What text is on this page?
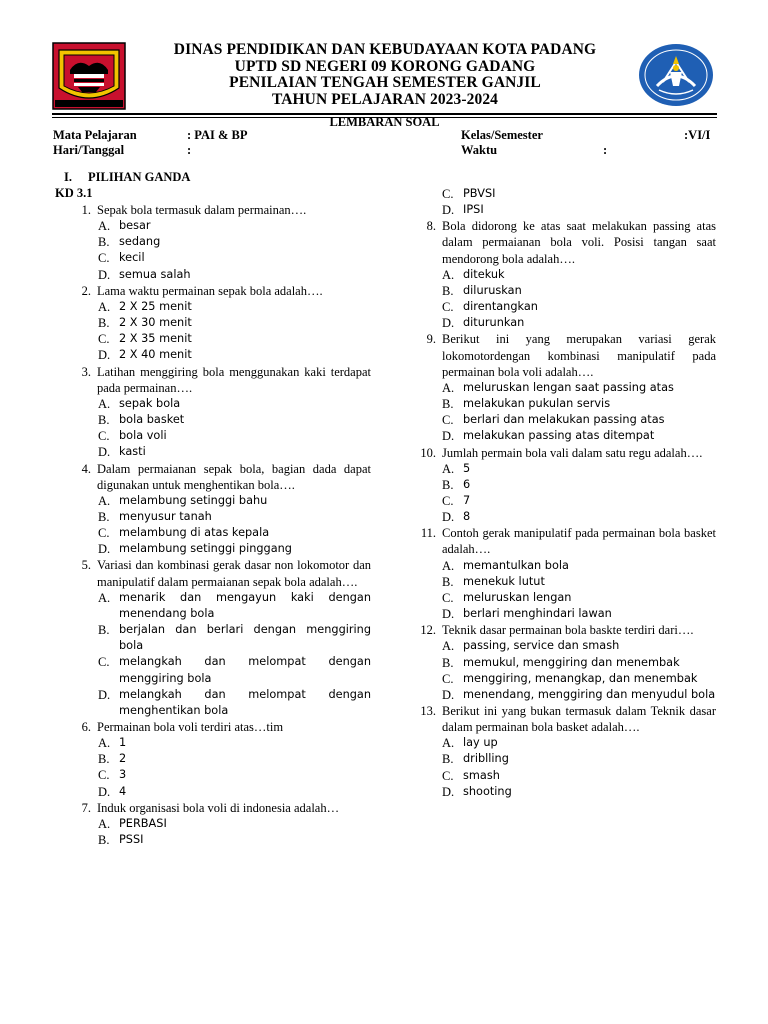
DINAS PENDIDIKAN DAN KEBUDAYAAN KOTA PADANG
UPTD SD NEGERI 09 KORONG GADANG
PENILAIAN TENGAH SEMESTER GANJIL
TAHUN PELAJARAN 2023-2024
LEMBARAN SOAL
Mata Pelajaran	: PAI & BP
Hari/Tanggal	:
Kelas/Semester	:VI/I
Waktu	:
I. PILIHAN GANDA
KD 3.1
1. Sepak bola termasuk dalam permainan….
A. besar
B. sedang
C. kecil
D. semua salah
2. Lama waktu permainan sepak bola adalah….
A. 2 X 25 menit
B. 2 X 30 menit
C. 2 X 35 menit
D. 2 X 40 menit
3. Latihan menggiring bola menggunakan kaki terdapat pada permainan….
A. sepak bola
B. bola basket
C. bola voli
D. kasti
4. Dalam permaianan sepak bola, bagian dada dapat digunakan untuk menghentikan bola….
A. melambung setinggi bahu
B. menyusur tanah
C. melambung di atas kepala
D. melambung setinggi pinggang
5. Variasi dan kombinasi gerak dasar non lokomotor dan manipulatif dalam permaianan sepak bola adalah….
A. menarik dan mengayun kaki dengan menendang bola
B. berjalan dan berlari dengan menggiring bola
C. melangkah dan melompat dengan menggiring bola
D. melangkah dan melompat dengan menghentikan bola
6. Permainan bola voli terdiri atas…tim
A. 1
B. 2
C. 3
D. 4
7. Induk organisasi bola voli di indonesia adalah…
A. PERBASI
B. PSSI
C. PBVSI
D. IPSI
8. Bola didorong ke atas saat melakukan passing atas dalam permaianan bola voli. Posisi tangan saat mendorong bola adalah….
A. ditekuk
B. diluruskan
C. direntangkan
D. diturunkan
9. Berikut ini yang merupakan variasi gerak lokomotordengan kombinasi manipulatif pada permainan bola voli adalah….
A. meluruskan lengan saat passing atas
B. melakukan pukulan servis
C. berlari dan melakukan passing atas
D. melakukan passing atas ditempat
10. Jumlah permain bola vali dalam satu regu adalah….
A. 5
B. 6
C. 7
D. 8
11. Contoh gerak manipulatif pada permainan bola basket adalah….
A. memantulkan bola
B. menekuk lutut
C. meluruskan lengan
D. berlari menghindari lawan
12. Teknik dasar permainan bola baskte terdiri dari….
A. passing, service dan smash
B. memukul, menggiring dan menembak
C. menggiring, menangkap, dan menembak
D. menendang, menggiring dan menyudul bola
13. Berikut ini yang bukan termasuk dalam Teknik dasar dalam permainan bola basket adalah….
A. lay up
B. driblling
C. smash
D. shooting
